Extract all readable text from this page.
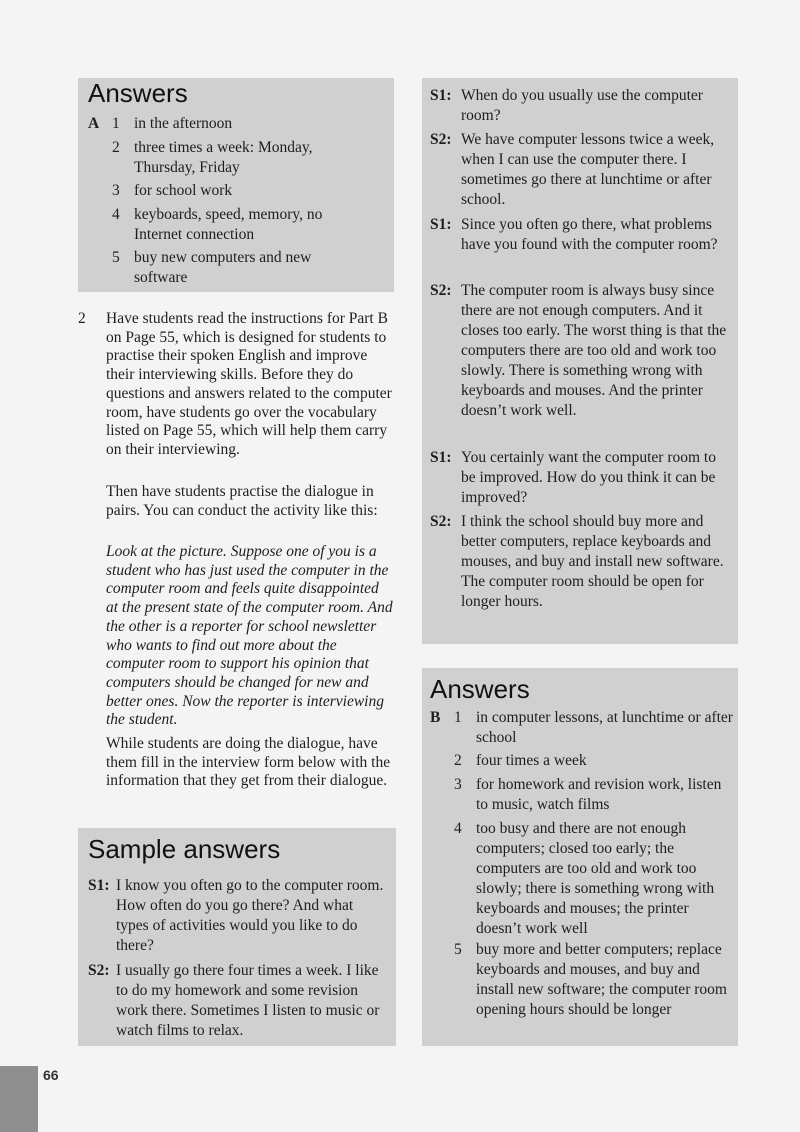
Answers
A 1 in the afternoon
2 three times a week: Monday, Thursday, Friday
3 for school work
4 keyboards, speed, memory, no Internet connection
5 buy new computers and new software
2 Have students read the instructions for Part B on Page 55, which is designed for students to practise their spoken English and improve their interviewing skills. Before they do questions and answers related to the computer room, have students go over the vocabulary listed on Page 55, which will help them carry on their interviewing.
Then have students practise the dialogue in pairs. You can conduct the activity like this:
Look at the picture. Suppose one of you is a student who has just used the computer in the computer room and feels quite disappointed at the present state of the computer room. And the other is a reporter for school newsletter who wants to find out more about the computer room to support his opinion that computers should be changed for new and better ones. Now the reporter is interviewing the student.
While students are doing the dialogue, have them fill in the interview form below with the information that they get from their dialogue.
Sample answers
S1: I know you often go to the computer room. How often do you go there? And what types of activities would you like to do there?
S2: I usually go there four times a week. I like to do my homework and some revision work there. Sometimes I listen to music or watch films to relax.
S1: When do you usually use the computer room?
S2: We have computer lessons twice a week, when I can use the computer there. I sometimes go there at lunchtime or after school.
S1: Since you often go there, what problems have you found with the computer room?
S2: The computer room is always busy since there are not enough computers. And it closes too early. The worst thing is that the computers there are too old and work too slowly. There is something wrong with keyboards and mouses. And the printer doesn’t work well.
S1: You certainly want the computer room to be improved. How do you think it can be improved?
S2: I think the school should buy more and better computers, replace keyboards and mouses, and buy and install new software. The computer room should be open for longer hours.
Answers
B 1 in computer lessons, at lunchtime or after school
2 four times a week
3 for homework and revision work, listen to music, watch films
4 too busy and there are not enough computers; closed too early; the computers are too old and work too slowly; there is something wrong with keyboards and mouses; the printer doesn’t work well
5 buy more and better computers; replace keyboards and mouses, and buy and install new software; the computer room opening hours should be longer
66
